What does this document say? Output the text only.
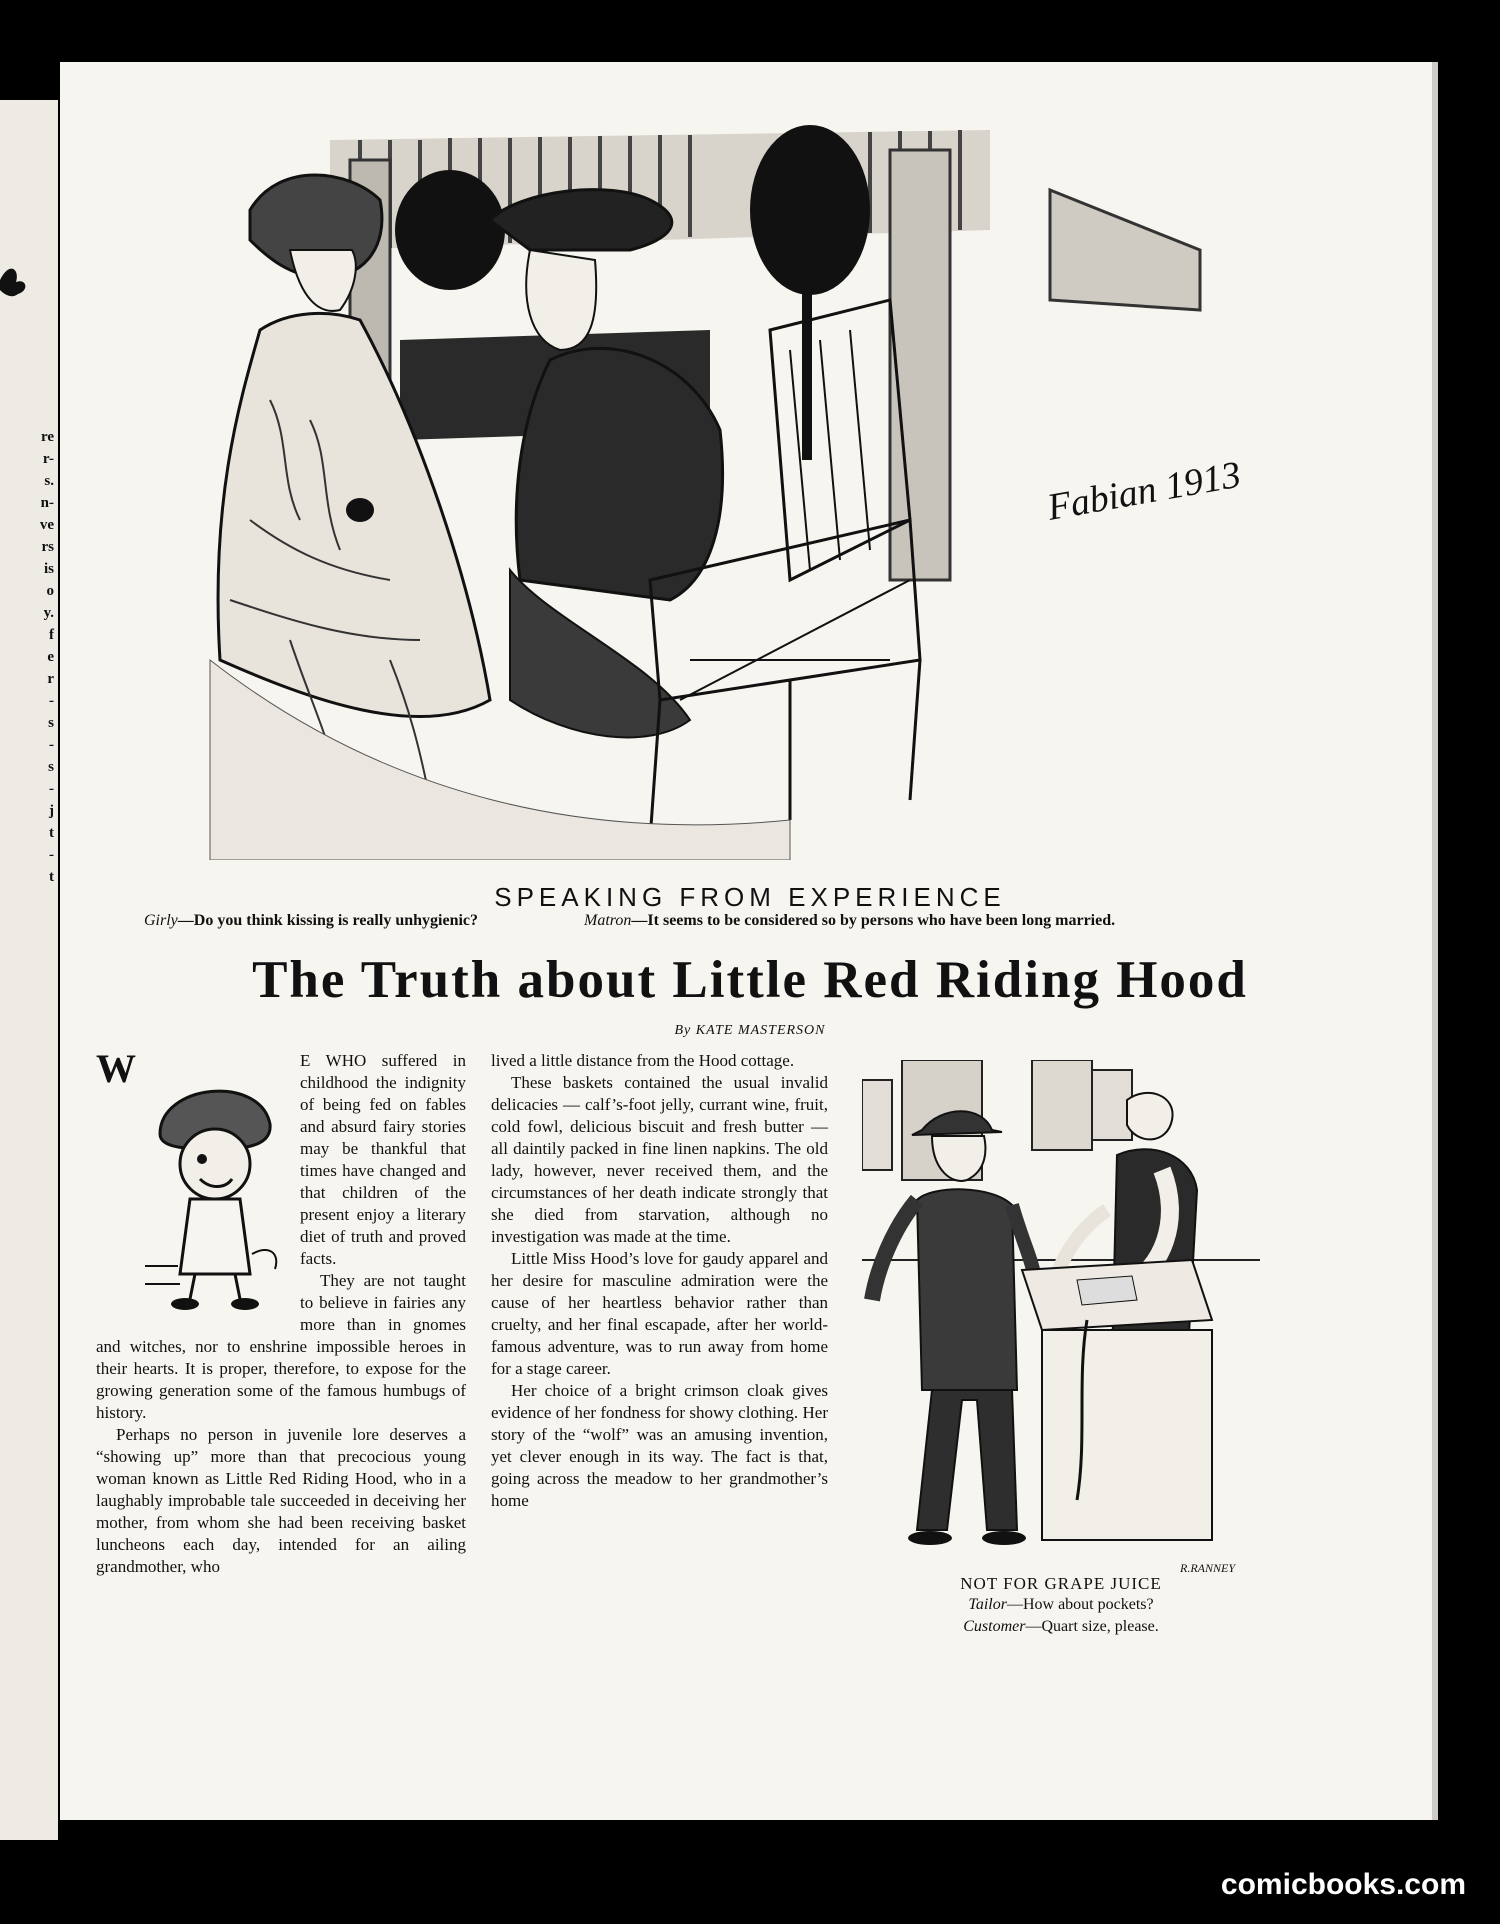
re
r-
s.
n-
ve
rs
is
o
y.
f
e
r
-
s
-
s
-
j
t
-
t
Fabian 1913
SPEAKING FROM EXPERIENCE
Girly—Do you think kissing is really unhygienic?	Matron—It seems to be considered so by persons who have been long married.
The Truth about Little Red Riding Hood
By KATE MASTERSON

W	E WHO suffered in childhood the indignity of being fed on fables and absurd fairy stories may be thankful that times have changed and that children of the present enjoy a literary diet of truth and proved facts.

They are not taught to believe in fairies any more than in gnomes and witches, nor to enshrine impossible heroes in their hearts. It is proper, therefore, to expose for the growing generation some of the famous humbugs of history.

Perhaps no person in juvenile lore deserves a “showing up” more than that precocious young woman known as Little Red Riding Hood, who in a laughably improbable tale succeeded in deceiving her mother, from whom she had been receiving basket luncheons each day, intended for an ailing grandmother, who

lived a little distance from the Hood cottage.

These baskets contained the usual invalid delicacies — calf’s-foot jelly, currant wine, fruit, cold fowl, delicious biscuit and fresh butter — all daintily packed in fine linen napkins. The old lady, however, never received them, and the circumstances of her death indicate strongly that she died from starvation, although no investigation was made at the time.

Little Miss Hood’s love for gaudy apparel and her desire for masculine admiration were the cause of her heartless behavior rather than cruelty, and her final escapade, after her world-famous adventure, was to run away from home for a stage career.

Her choice of a bright crimson cloak gives evidence of her fondness for showy clothing. Her story of the “wolf” was an amusing invention, yet clever enough in its way. The fact is that, going across the meadow to her grandmother’s home

R.RANNEY
NOT FOR GRAPE JUICE
Tailor—How about pockets?
Customer—Quart size, please.
comicbooks.com
